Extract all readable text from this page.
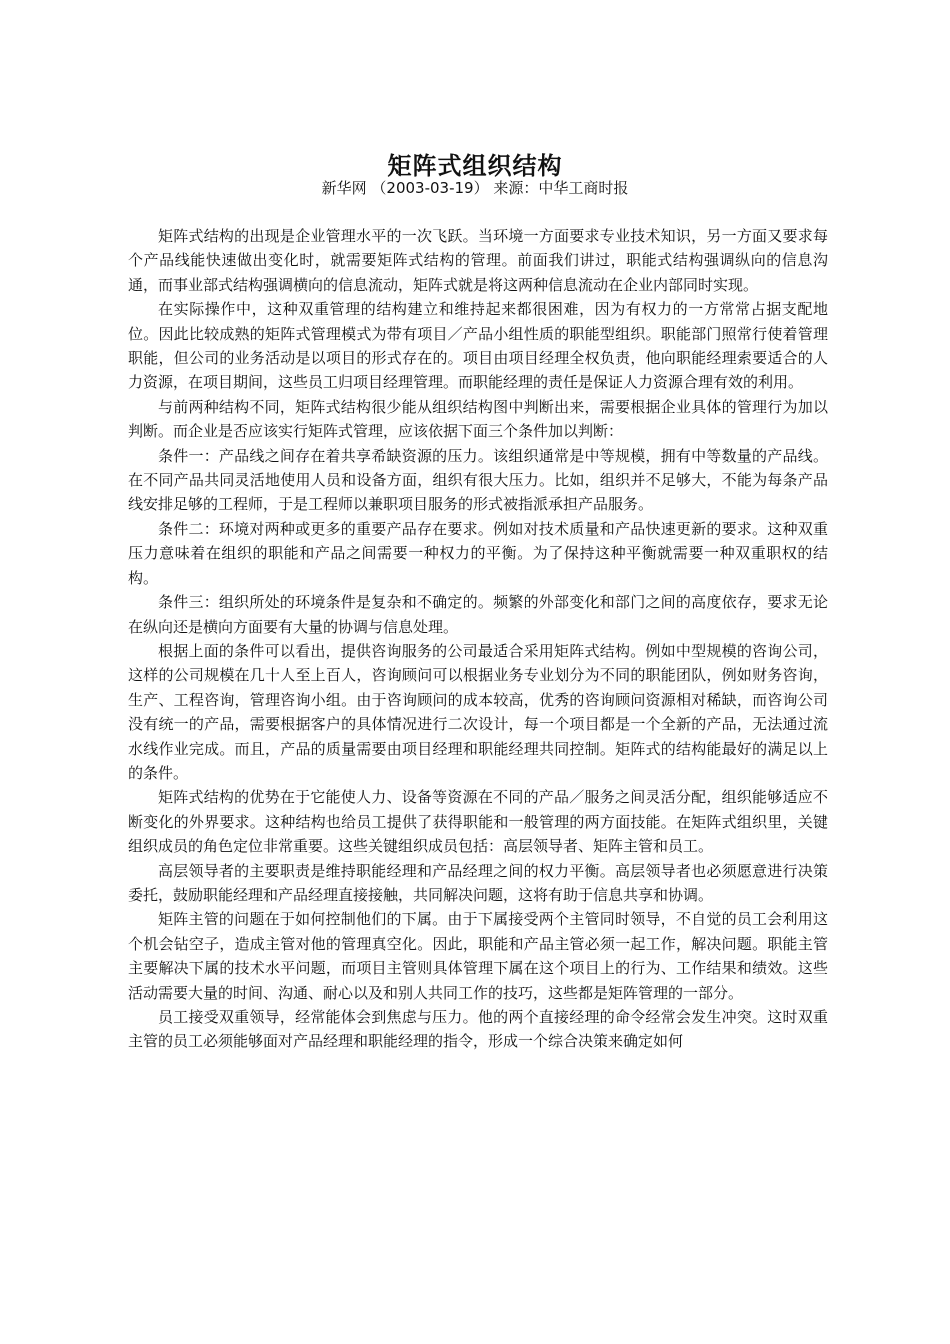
矩阵式组织结构
新华网 （2003-03-19） 来源：中华工商时报

矩阵式结构的出现是企业管理水平的一次飞跃。当环境一方面要求专业技术知识，另一方面又要求每个产品线能快速做出变化时，就需要矩阵式结构的管理。前面我们讲过，职能式结构强调纵向的信息沟通，而事业部式结构强调横向的信息流动，矩阵式就是将这两种信息流动在企业内部同时实现。

在实际操作中，这种双重管理的结构建立和维持起来都很困难，因为有权力的一方常常占据支配地位。因此比较成熟的矩阵式管理模式为带有项目／产品小组性质的职能型组织。职能部门照常行使着管理职能，但公司的业务活动是以项目的形式存在的。项目由项目经理全权负责，他向职能经理索要适合的人力资源，在项目期间，这些员工归项目经理管理。而职能经理的责任是保证人力资源合理有效的利用。

与前两种结构不同，矩阵式结构很少能从组织结构图中判断出来，需要根据企业具体的管理行为加以判断。而企业是否应该实行矩阵式管理，应该依据下面三个条件加以判断：

条件一：产品线之间存在着共享希缺资源的压力。该组织通常是中等规模，拥有中等数量的产品线。在不同产品共同灵活地使用人员和设备方面，组织有很大压力。比如，组织并不足够大，不能为每条产品线安排足够的工程师，于是工程师以兼职项目服务的形式被指派承担产品服务。

条件二：环境对两种或更多的重要产品存在要求。例如对技术质量和产品快速更新的要求。这种双重压力意味着在组织的职能和产品之间需要一种权力的平衡。为了保持这种平衡就需要一种双重职权的结构。

条件三：组织所处的环境条件是复杂和不确定的。频繁的外部变化和部门之间的高度依存，要求无论在纵向还是横向方面要有大量的协调与信息处理。

根据上面的条件可以看出，提供咨询服务的公司最适合采用矩阵式结构。例如中型规模的咨询公司，这样的公司规模在几十人至上百人，咨询顾问可以根据业务专业划分为不同的职能团队，例如财务咨询，生产、工程咨询，管理咨询小组。由于咨询顾问的成本较高，优秀的咨询顾问资源相对稀缺，而咨询公司没有统一的产品，需要根据客户的具体情况进行二次设计，每一个项目都是一个全新的产品，无法通过流水线作业完成。而且，产品的质量需要由项目经理和职能经理共同控制。矩阵式的结构能最好的满足以上的条件。

矩阵式结构的优势在于它能使人力、设备等资源在不同的产品／服务之间灵活分配，组织能够适应不断变化的外界要求。这种结构也给员工提供了获得职能和一般管理的两方面技能。在矩阵式组织里，关键组织成员的角色定位非常重要。这些关键组织成员包括：高层领导者、矩阵主管和员工。

高层领导者的主要职责是维持职能经理和产品经理之间的权力平衡。高层领导者也必须愿意进行决策委托，鼓励职能经理和产品经理直接接触，共同解决问题，这将有助于信息共享和协调。

矩阵主管的问题在于如何控制他们的下属。由于下属接受两个主管同时领导，不自觉的员工会利用这个机会钻空子，造成主管对他的管理真空化。因此，职能和产品主管必须一起工作，解决问题。职能主管主要解决下属的技术水平问题，而项目主管则具体管理下属在这个项目上的行为、工作结果和绩效。这些活动需要大量的时间、沟通、耐心以及和别人共同工作的技巧，这些都是矩阵管理的一部分。

员工接受双重领导，经常能体会到焦虑与压力。他的两个直接经理的命令经常会发生冲突。这时双重主管的员工必须能够面对产品经理和职能经理的指令，形成一个综合决策来确定如何
